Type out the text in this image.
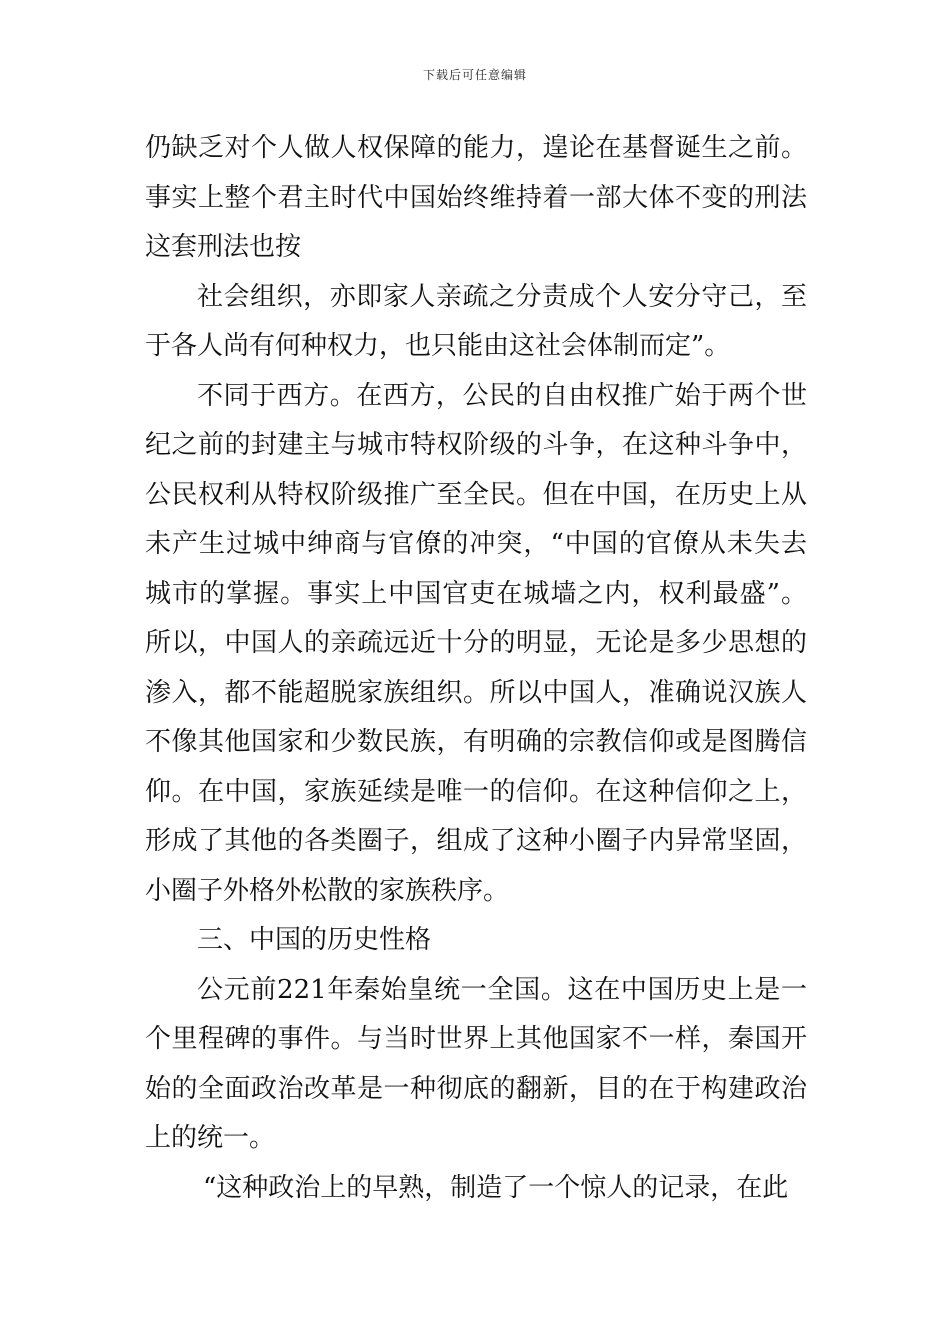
下载后可任意编辑

仍缺乏对个人做人权保障的能力，遑论在基督诞生之前。事实上整个君主时代中国始终维持着一部大体不变的刑法这套刑法也按

社会组织，亦即家人亲疏之分责成个人安分守己，至于各人尚有何种权力，也只能由这社会体制而定”。

不同于西方。在西方，公民的自由权推广始于两个世纪之前的封建主与城市特权阶级的斗争，在这种斗争中，公民权利从特权阶级推广至全民。但在中国，在历史上从未产生过城中绅商与官僚的冲突，“中国的官僚从未失去城市的掌握。事实上中国官吏在城墙之内，权利最盛”。所以，中国人的亲疏远近十分的明显，无论是多少思想的渗入，都不能超脱家族组织。所以中国人，准确说汉族人不像其他国家和少数民族，有明确的宗教信仰或是图腾信仰。在中国，家族延续是唯一的信仰。在这种信仰之上，形成了其他的各类圈子，组成了这种小圈子内异常坚固，小圈子外格外松散的家族秩序。

三、中国的历史性格

公元前221年秦始皇统一全国。这在中国历史上是一个里程碑的事件。与当时世界上其他国家不一样，秦国开始的全面政治改革是一种彻底的翻新，目的在于构建政治上的统一。

“这种政治上的早熟，制造了一个惊人的记录，在此
